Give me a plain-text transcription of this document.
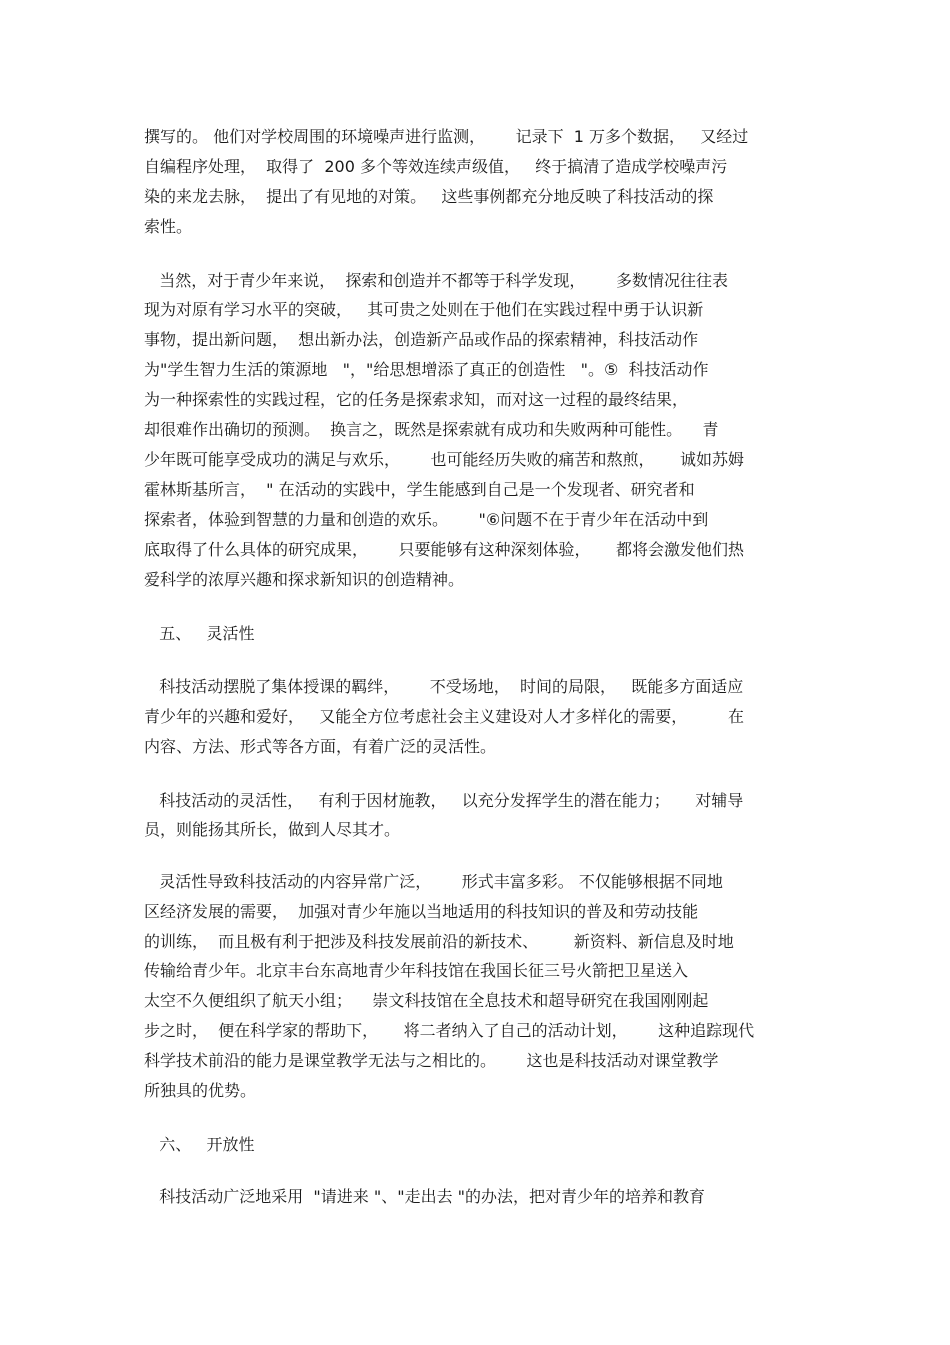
撰写的。 他们对学校周围的环境噪声进行监测，      记录下  1 万多个数据，   又经过
自编程序处理，  取得了  200 多个等效连续声级值，   终于搞清了造成学校噪声污
染的来龙去脉，  提出了有见地的对策。   这些事例都充分地反映了科技活动的探
索性。
当然，对于青少年来说，  探索和创造并不都等于科学发现，      多数情况往往表
现为对原有学习水平的突破，   其可贵之处则在于他们在实践过程中勇于认识新
事物，提出新问题，  想出新办法，创造新产品或作品的探索精神，科技活动作
为"学生智力生活的策源地   "，"给思想增添了真正的创造性   "。⑤  科技活动作
为一种探索性的实践过程，它的任务是探索求知，而对这一过程的最终结果，
却很难作出确切的预测。  换言之，既然是探索就有成功和失败两种可能性。    青
少年既可能享受成功的满足与欢乐，      也可能经历失败的痛苦和熬煎，     诚如苏姆
霍林斯基所言，  " 在活动的实践中，学生能感到自己是一个发现者、研究者和
探索者，体验到智慧的力量和创造的欢乐。      "⑥问题不在于青少年在活动中到
底取得了什么具体的研究成果，      只要能够有这种深刻体验，     都将会激发他们热
爱科学的浓厚兴趣和探求新知识的创造精神。
五、   灵活性
科技活动摆脱了集体授课的羁绊，      不受场地，  时间的局限，   既能多方面适应
青少年的兴趣和爱好，   又能全方位考虑社会主义建设对人才多样化的需要，        在
内容、方法、形式等各方面，有着广泛的灵活性。
科技活动的灵活性，   有利于因材施教，   以充分发挥学生的潜在能力；     对辅导
员，则能扬其所长，做到人尽其才。
灵活性导致科技活动的内容异常广泛，      形式丰富多彩。 不仅能够根据不同地
区经济发展的需要，  加强对青少年施以当地适用的科技知识的普及和劳动技能
的训练，  而且极有利于把涉及科技发展前沿的新技术、       新资料、新信息及时地
传输给青少年。北京丰台东高地青少年科技馆在我国长征三号火箭把卫星送入
太空不久便组织了航天小组；    崇文科技馆在全息技术和超导研究在我国刚刚起
步之时，  便在科学家的帮助下，     将二者纳入了自己的活动计划，      这种追踪现代
科学技术前沿的能力是课堂教学无法与之相比的。      这也是科技活动对课堂教学
所独具的优势。
六、   开放性
科技活动广泛地采用  "请进来 "、"走出去 "的办法，把对青少年的培养和教育
